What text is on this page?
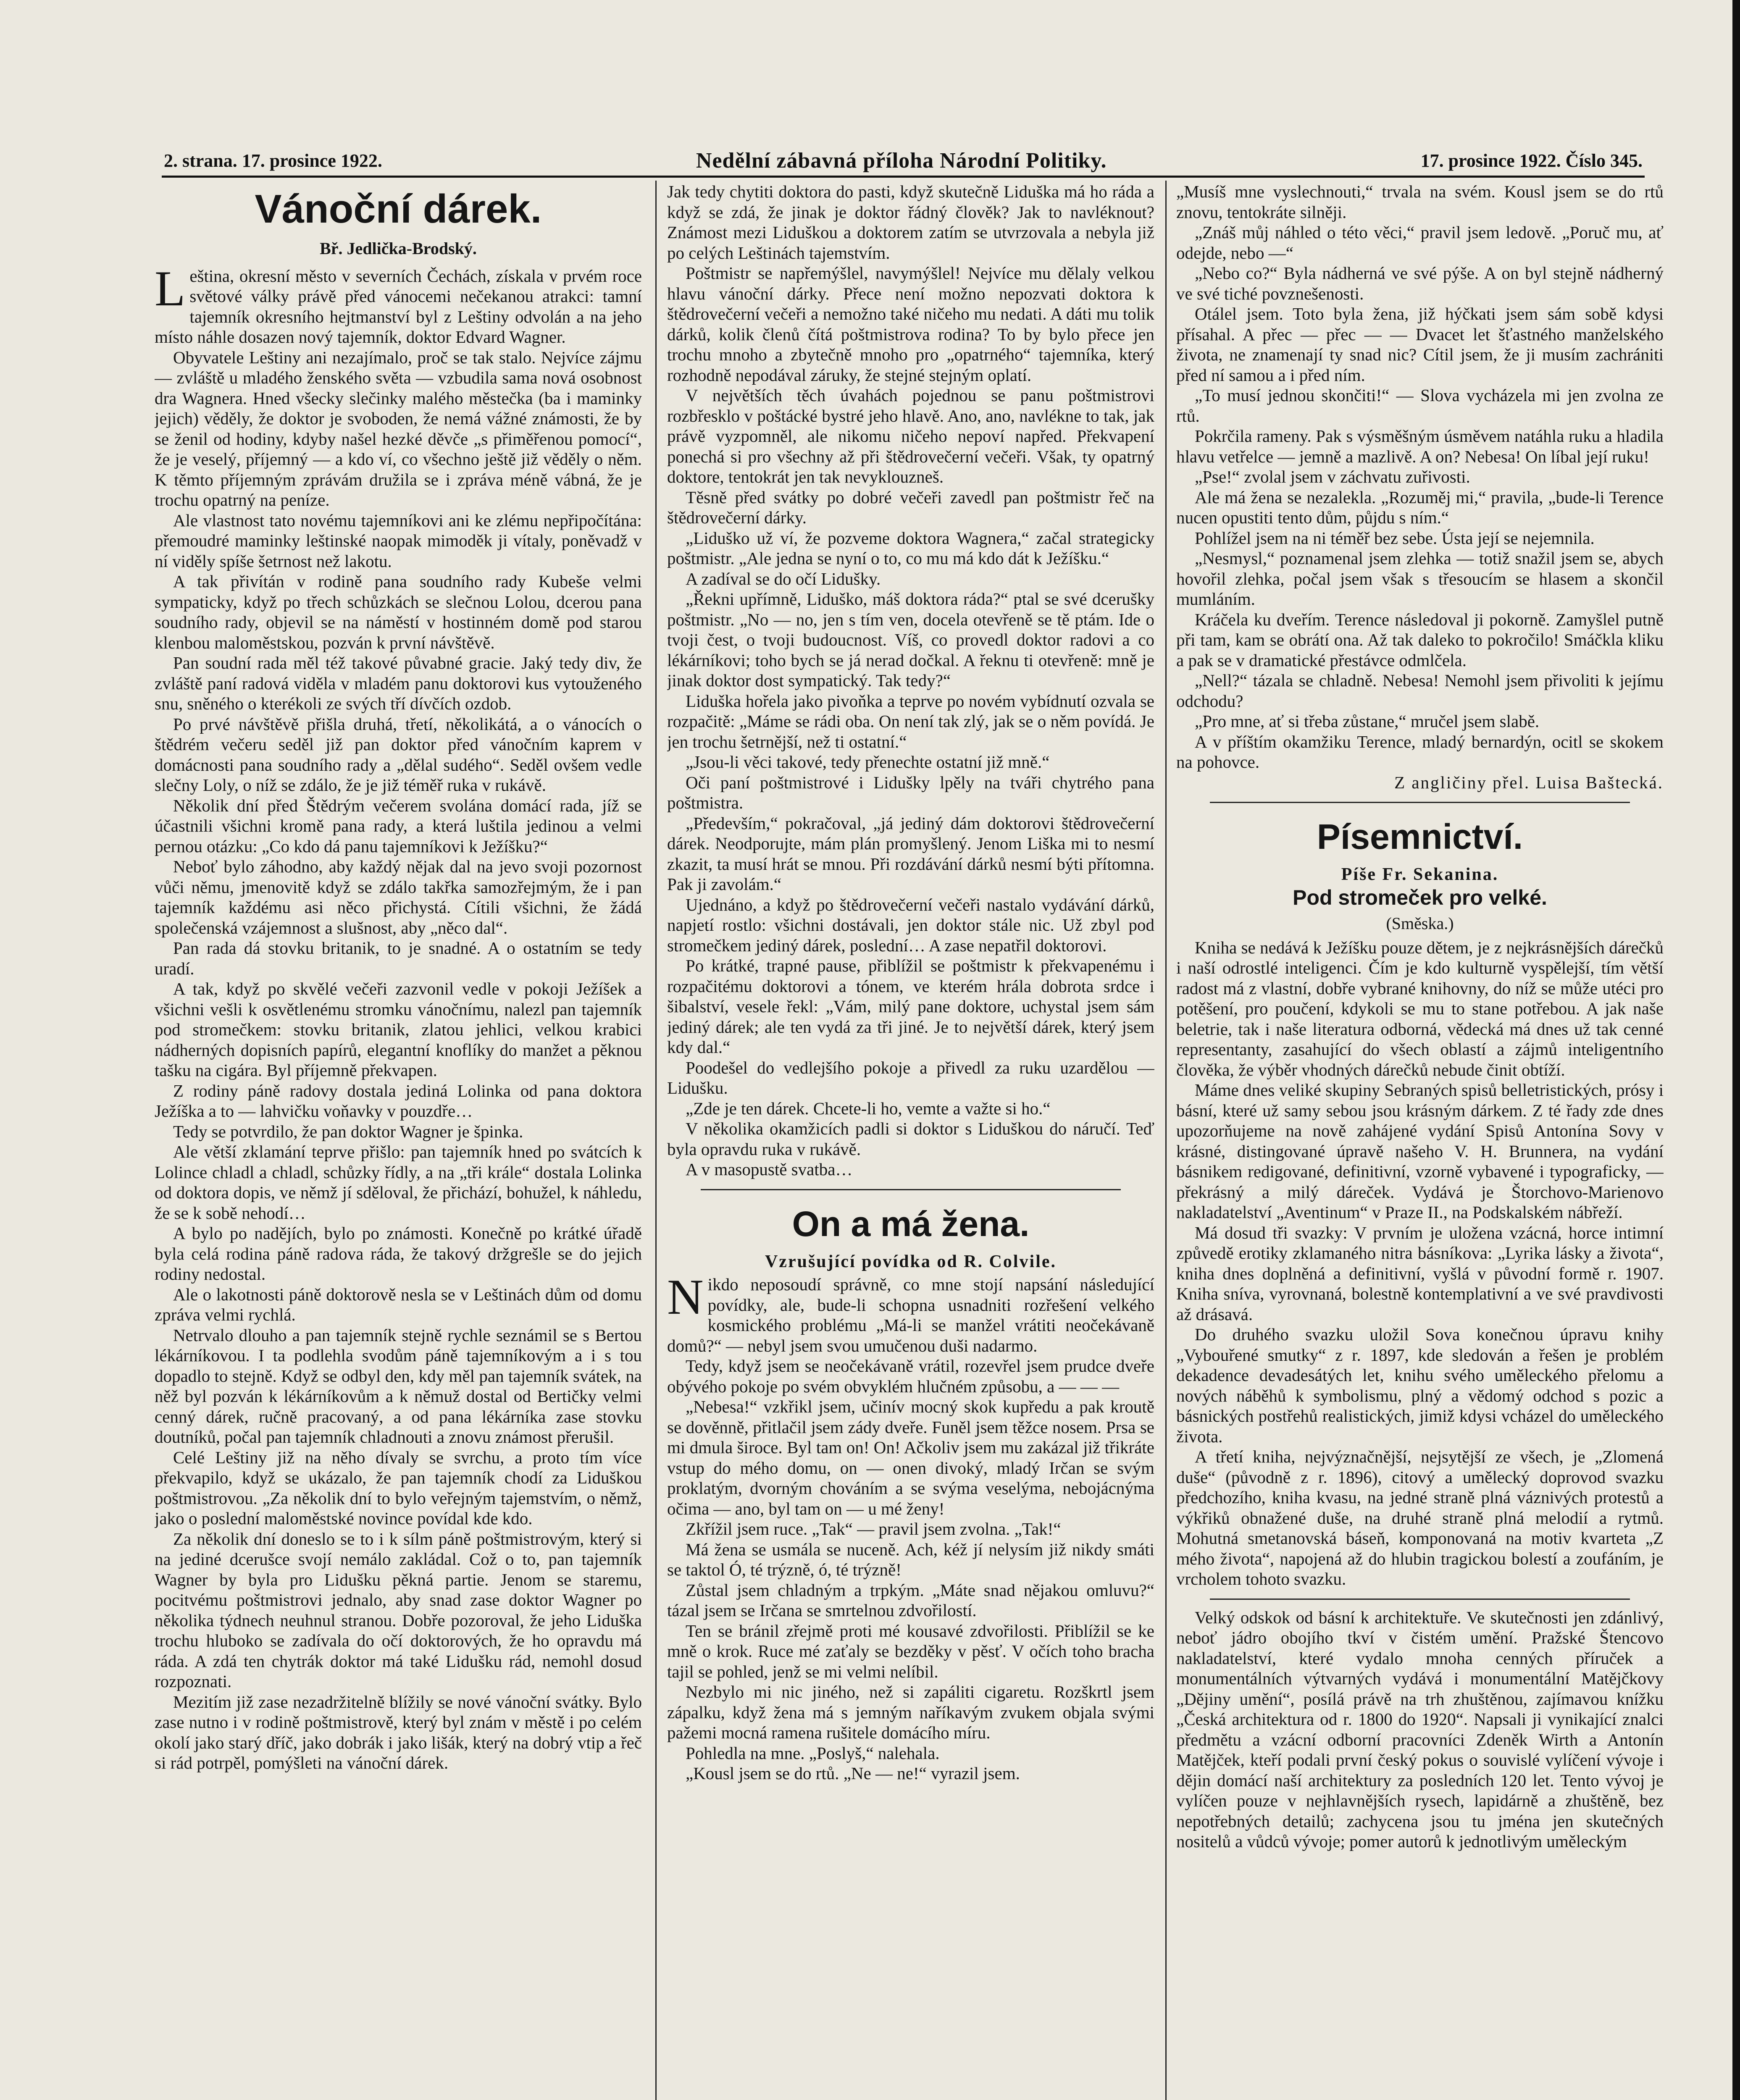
2. strana. 17. prosince 1922.	Nedělní zábavná příloha Národní Politiky.	17. prosince 1922. Číslo 345.
Vánoční dárek.
Bř. Jedlička-Brodský.

Leština, okresní město v severních Čechách, získala v prvém roce světové války právě před vánocemi nečekanou atrakci: tamní tajemník okresního hejtmanství byl z Leštiny odvolán a na jeho místo náhle dosazen nový tajemník, doktor Edvard Wagner.

Obyvatele Leštiny ani nezajímalo, proč se tak stalo. Nejvíce zájmu — zvláště u mladého ženského světa — vzbudila sama nová osobnost dra Wagnera. Hned všecky slečinky malého městečka (ba i maminky jejich) věděly, že doktor je svoboden, že nemá vážné známosti, že by se ženil od hodiny, kdyby našel hezké děvče „s přiměřenou pomocí“, že je veselý, příjemný — a kdo ví, co všechno ještě již věděly o něm. K těmto příjemným zprávám družila se i zpráva méně vábná, že je trochu opatrný na peníze.

Ale vlastnost tato novému tajemníkovi ani ke zlému nepřipočítána: přemoudré maminky leštinské naopak mimoděk ji vítaly, poněvadž v ní viděly spíše šetrnost než lakotu.

A tak přivítán v rodině pana soudního rady Kubeše velmi sympaticky, když po třech schůzkách se slečnou Lolou, dcerou pana soudního rady, objevil se na náměstí v hostinném domě pod starou klenbou maloměstskou, pozván k první návštěvě.

Pan soudní rada měl též takové půvabné gracie. Jaký tedy div, že zvláště paní radová viděla v mladém panu doktorovi kus vytouženého snu, sněného o kterékoli ze svých tří dívčích ozdob.

Po prvé návštěvě přišla druhá, třetí, několikátá, a o vánocích o štědrém večeru seděl již pan doktor před vánočním kaprem v domácnosti pana soudního rady a „dělal sudého“. Seděl ovšem vedle slečny Loly, o níž se zdálo, že je již téměř ruka v rukávě.

Několik dní před Štědrým večerem svolána domácí rada, jíž se účastnili všichni kromě pana rady, a která luštila jedinou a velmi pernou otázku: „Co kdo dá panu tajemníkovi k Ježíšku?“

Neboť bylo záhodno, aby každý nějak dal na jevo svoji pozornost vůči němu, jmenovitě když se zdálo takřka samozřejmým, že i pan tajemník každému asi něco přichystá. Cítili všichni, že žádá společenská vzájemnost a slušnost, aby „něco dal“.

Pan rada dá stovku britanik, to je snadné. A o ostatním se tedy uradí.

A tak, když po skvělé večeři zazvonil vedle v pokoji Ježíšek a všichni vešli k osvětlenému stromku vánočnímu, nalezl pan tajemník pod stromečkem: stovku britanik, zlatou jehlici, velkou krabici nádherných dopisních papírů, elegantní knoflíky do manžet a pěknou tašku na cigára. Byl příjemně překvapen.

Z rodiny páně radovy dostala jediná Lolinka od pana doktora Ježíška a to — lahvičku voňavky v pouzdře…

Tedy se potvrdilo, že pan doktor Wagner je špinka.

Ale větší zklamání teprve přišlo: pan tajemník hned po svátcích k Lolince chladl a chladl, schůzky řídly, a na „tři krále“ dostala Lolinka od doktora dopis, ve němž jí sděloval, že přichází, bohužel, k náhledu, že se k sobě nehodí…

A bylo po nadějích, bylo po známosti. Konečně po krátké úřadě byla celá rodina páně radova ráda, že takový držgrešle se do jejich rodiny nedostal.

Ale o lakotnosti páně doktorově nesla se v Leštinách dům od domu zpráva velmi rychlá.

Netrvalo dlouho a pan tajemník stejně rychle seznámil se s Bertou lékárníkovou. I ta podlehla svodům páně tajemníkovým a i s tou dopadlo to stejně. Když se odbyl den, kdy měl pan tajemník svátek, na něž byl pozván k lékárníkovům a k němuž dostal od Bertičky velmi cenný dárek, ručně pracovaný, a od pana lékárníka zase stovku doutníků, počal pan tajemník chladnouti a znovu známost přerušil.

Celé Leštiny již na něho dívaly se svrchu, a proto tím více překvapilo, když se ukázalo, že pan tajemník chodí za Liduškou poštmistrovou. „Za několik dní to bylo veřejným tajemstvím, o němž, jako o poslední maloměstské novince povídal kde kdo.

Za několik dní doneslo se to i k sílm páně poštmistrovým, který si na jediné dcerušce svojí nemálo zakládal. Což o to, pan tajemník Wagner by byla pro Lidušku pěkná partie. Jenom se staremu, pocitvému poštmistrovi jednalo, aby snad zase doktor Wagner po několika týdnech neuhnul stranou. Dobře pozoroval, že jeho Liduška trochu hluboko se zadívala do očí doktorových, že ho opravdu má ráda. A zdá ten chytrák doktor má také Lidušku rád, nemohl dosud rozpoznati.

Mezitím již zase nezadržitelně blížily se nové vánoční svátky. Bylo zase nutno i v rodině poštmistrově, který byl znám v městě i po celém okolí jako starý dříč, jako dobrák i jako lišák, který na dobrý vtip a řeč si rád potrpěl, pomýšleti na vánoční dárek.

Jak tedy chytiti doktora do pasti, když skutečně Liduška má ho ráda a když se zdá, že jinak je doktor řádný člověk? Jak to navléknout? Známost mezi Liduškou a doktorem zatím se utvrzovala a nebyla již po celých Leštinách tajemstvím.

Poštmistr se napřemýšlel, navymýšlel! Nejvíce mu dělaly velkou hlavu vánoční dárky. Přece není možno nepozvati doktora k štědrovečerní večeři a nemožno také ničeho mu nedati. A dáti mu tolik dárků, kolik členů čítá poštmistrova rodina? To by bylo přece jen trochu mnoho a zbytečně mnoho pro „opatrného“ tajemníka, který rozhodně nepodával záruky, že stejné stejným oplatí.

V největších těch úvahách pojednou se panu poštmistrovi rozbřesklo v poštácké bystré jeho hlavě. Ano, ano, navlékne to tak, jak právě vyzpomněl, ale nikomu ničeho nepoví napřed. Překvapení ponechá si pro všechny až při štědrovečerní večeři. Však, ty opatrný doktore, tentokrát jen tak nevyklouzneš.

Těsně před svátky po dobré večeři zavedl pan poštmistr řeč na štědrovečerní dárky.

„Liduško už ví, že pozveme doktora Wagnera,“ začal strategicky poštmistr. „Ale jedna se nyní o to, co mu má kdo dát k Ježíšku.“

A zadíval se do očí Lidušky.

„Řekni upřímně, Liduško, máš doktora ráda?“ ptal se své dcerušky poštmistr. „No — no, jen s tím ven, docela otevřeně se tě ptám. Ide o tvoji čest, o tvoji budoucnost. Víš, co provedl doktor radovi a co lékárníkovi; toho bych se já nerad dočkal. A řeknu ti otevřeně: mně je jinak doktor dost sympatický. Tak tedy?“

Liduška hořela jako pivoňka a teprve po novém vybídnutí ozvala se rozpačitě: „Máme se rádi oba. On není tak zlý, jak se o něm povídá. Je jen trochu šetrnější, než ti ostatní.“

„Jsou-li věci takové, tedy přenechte ostatní již mně.“

Oči paní poštmistrové i Lidušky lpěly na tváři chytrého pana poštmistra.

„Především,“ pokračoval, „já jediný dám doktorovi štědrovečerní dárek. Neodporujte, mám plán promyšlený. Jenom Liška mi to nesmí zkazit, ta musí hrát se mnou. Při rozdávání dárků nesmí býti přítomna. Pak ji zavolám.“

Ujednáno, a když po štědrovečerní večeři nastalo vydávání dárků, napjetí rostlo: všichni dostávali, jen doktor stále nic. Už zbyl pod stromečkem jediný dárek, poslední… A zase nepatřil doktorovi.

Po krátké, trapné pause, přiblížil se poštmistr k překvapenému i rozpačitému doktorovi a tónem, ve kterém hrála dobrota srdce i šibalství, vesele řekl: „Vám, milý pane doktore, uchystal jsem sám jediný dárek; ale ten vydá za tři jiné. Je to největší dárek, který jsem kdy dal.“

Poodešel do vedlejšího pokoje a přivedl za ruku uzardělou — Lidušku.

„Zde je ten dárek. Chcete-li ho, vemte a važte si ho.“

V několika okamžicích padli si doktor s Liduškou do náručí. Teď byla opravdu ruka v rukávě.

A v masopustě svatba…

On a má žena.
Vzrušující povídka od R. Colvile.

Nikdo neposoudí správně, co mne stojí napsání následující povídky, ale, bude-li schopna usnadniti rozřešení velkého kosmického problému „Má-li se manžel vrátiti neočekávaně domů?“ — nebyl jsem svou umučenou duši nadarmo.

Tedy, když jsem se neočekávaně vrátil, rozevřel jsem prudce dveře obývého pokoje po svém obvyklém hlučném způsobu, a — — —

„Nebesa!“ vzkřikl jsem, učinív mocný skok kupředu a pak kroutě se dověnně, přitlačil jsem zády dveře. Funěl jsem těžce nosem. Prsa se mi dmula široce. Byl tam on! On! Ačkoliv jsem mu zakázal již třikráte vstup do mého domu, on — onen divoký, mladý Irčan se svým proklatým, dvorným chováním a se svýma veselýma, nebojácnýma očima — ano, byl tam on — u mé ženy!

Zkřížil jsem ruce. „Tak“ — pravil jsem zvolna. „Tak!“

Má žena se usmála se nuceně. Ach, kéž jí nelysím již nikdy smáti se taktol Ó, té trýzně, ó, té trýzně!

Zůstal jsem chladným a trpkým. „Máte snad nějakou omluvu?“ tázal jsem se Irčana se smrtelnou zdvořilostí.

Ten se bránil zřejmě proti mé kousavé zdvořilosti. Přiblížil se ke mně o krok. Ruce mé zaťaly se bezděky v pěsť. V očích toho bracha tajil se pohled, jenž se mi velmi nelíbil.

Nezbylo mi nic jiného, než si zapáliti cigaretu. Rozškrtl jsem zápalku, když žena má s jemným naříkavým zvukem objala svými pažemi mocná ramena rušitele domácího míru.

Pohledla na mne. „Poslyš,“ nalehala.

„Kousl jsem se do rtů. „Ne — ne!“ vyrazil jsem.

„Musíš mne vyslechnouti,“ trvala na svém. Kousl jsem se do rtů znovu, tentokráte silněji.

„Znáš můj náhled o této věci,“ pravil jsem ledově. „Poruč mu, ať odejde, nebo —“

„Nebo co?“ Byla nádherná ve své pýše. A on byl stejně nádherný ve své tiché povznešenosti.

Otálel jsem. Toto byla žena, již hýčkati jsem sám sobě kdysi přísahal. A přec — přec — — Dvacet let šťastného manželského života, ne znamenají ty snad nic? Cítil jsem, že ji musím zachrániti před ní samou a i před ním.

„To musí jednou skončiti!“ — Slova vycházela mi jen zvolna ze rtů.

Pokrčila rameny. Pak s výsměšným úsměvem natáhla ruku a hladila hlavu vetřelce — jemně a mazlivě. A on? Nebesa! On líbal její ruku!

„Pse!“ zvolal jsem v záchvatu zuřivosti.

Ale má žena se nezalekla. „Rozuměj mi,“ pravila, „bude-li Terence nucen opustiti tento dům, půjdu s ním.“

Pohlížel jsem na ni téměř bez sebe. Ústa její se nejemnila.

„Nesmysl,“ poznamenal jsem zlehka — totiž snažil jsem se, abych hovořil zlehka, počal jsem však s třesoucím se hlasem a skončil mumláním.

Kráčela ku dveřím. Terence následoval ji pokorně. Zamyšlel putně při tam, kam se obrátí ona. Až tak daleko to pokročilo! Smáčkla kliku a pak se v dramatické přestávce odmlčela.

„Nell?“ tázala se chladně. Nebesa! Nemohl jsem přivoliti k jejímu odchodu?

„Pro mne, ať si třeba zůstane,“ mručel jsem slabě.

A v příštím okamžiku Terence, mladý bernardýn, ocitl se skokem na pohovce.

Z angličiny přel. Luisa Baštecká.

Písemnictví.
Píše Fr. Sekanina.
Pod stromeček pro velké.
(Směska.)

Kniha se nedává k Ježíšku pouze dětem, je z nejkrásnějších dárečků i naší odrostlé inteligenci. Čím je kdo kulturně vyspělejší, tím větší radost má z vlastní, dobře vybrané knihovny, do níž se může utéci pro potěšení, pro poučení, kdykoli se mu to stane potřebou. A jak naše beletrie, tak i naše literatura odborná, vědecká má dnes už tak cenné representanty, zasahující do všech oblastí a zájmů inteligentního člověka, že výběr vhodných dárečků nebude činit obtíží.

Máme dnes veliké skupiny Sebraných spisů belletristických, prósy i básní, které už samy sebou jsou krásným dárkem. Z té řady zde dnes upozorňujeme na nově zahájené vydání Spisů Antonína Sovy v krásné, distingované úpravě našeho V. H. Brunnera, na vydání básnikem redigované, definitivní, vzorně vybavené i typograficky, — překrásný a milý dáreček. Vydává je Štorchovo-Marienovo nakladatelství „Aventinum“ v Praze II., na Podskalském nábřeží.

Má dosud tři svazky: V prvním je uložena vzácná, horce intimní způvedě erotiky zklamaného nitra básníkova: „Lyrika lásky a života“, kniha dnes doplněná a definitivní, vyšlá v původní formě r. 1907. Kniha sníva, vyrovnaná, bolestně kontemplativní a ve své pravdivosti až drásavá.

Do druhého svazku uložil Sova konečnou úpravu knihy „Vybouřené smutky“ z r. 1897, kde sledován a řešen je problém dekadence devadesátých let, knihu svého uměleckého přelomu a nových náběhů k symbolismu, plný a vědomý odchod s pozic a básnických postřehů realistických, jimiž kdysi vcházel do uměleckého života.

A třetí kniha, nejvýznačnější, nejsytější ze všech, je „Zlomená duše“ (původně z r. 1896), citový a umělecký doprovod svazku předchozího, kniha kvasu, na jedné straně plná váznivých protestů a výkřiků obnažené duše, na druhé straně plná melodií a rytmů. Mohutná smetanovská báseň, komponovaná na motiv kvarteta „Z mého života“, napojená až do hlubin tragickou bolestí a zoufáním, je vrcholem tohoto svazku.

Velký odskok od básní k architektuře. Ve skutečnosti jen zdánlivý, neboť jádro obojího tkví v čistém umění. Pražské Štencovo nakladatelství, které vydalo mnoha cenných příruček a monumentálních výtvarných vydává i monumentální Matějčkovy „Dějiny umění“, posílá právě na trh zhuštěnou, zajímavou knížku „Česká architektura od r. 1800 do 1920“. Napsali ji vynikající znalci předmětu a vzácní odborní pracovníci Zdeněk Wirth a Antonín Matějček, kteří podali první český pokus o souvislé vylíčení vývoje i dějin domácí naší architektury za posledních 120 let. Tento vývoj je vylíčen pouze v nejhlavnějších rysech, lapidárně a zhuštěně, bez nepotřebných detailů; zachycena jsou tu jména jen skutečných nositelů a vůdců vývoje; pomer autorů k jednotlivým uměleckým
